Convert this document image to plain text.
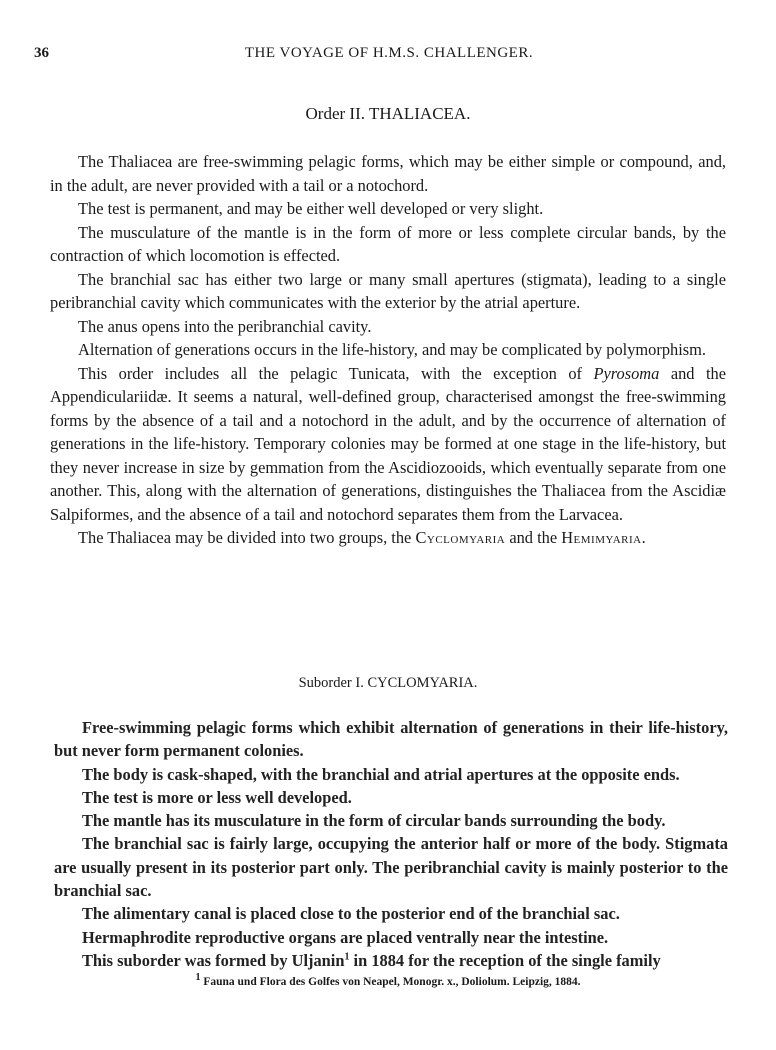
36	THE VOYAGE OF H.M.S. CHALLENGER.
Order II. THALIACEA.

The Thaliacea are free-swimming pelagic forms, which may be either simple or compound, and, in the adult, are never provided with a tail or a notochord.

The test is permanent, and may be either well developed or very slight.

The musculature of the mantle is in the form of more or less complete circular bands, by the contraction of which locomotion is effected.

The branchial sac has either two large or many small apertures (stigmata), leading to a single peribranchial cavity which communicates with the exterior by the atrial aperture.

The anus opens into the peribranchial cavity.

Alternation of generations occurs in the life-history, and may be complicated by polymorphism.

This order includes all the pelagic Tunicata, with the exception of Pyrosoma and the Appendiculariidæ. It seems a natural, well-defined group, characterised amongst the free-swimming forms by the absence of a tail and a notochord in the adult, and by the occurrence of alternation of generations in the life-history. Temporary colonies may be formed at one stage in the life-history, but they never increase in size by gemmation from the Ascidiozooids, which eventually separate from one another. This, along with the alternation of generations, distinguishes the Thaliacea from the Ascidiæ Salpiformes, and the absence of a tail and notochord separates them from the Larvacea.

The Thaliacea may be divided into two groups, the Cyclomyaria and the Hemimyaria.

Suborder I. CYCLOMYARIA.

Free-swimming pelagic forms which exhibit alternation of generations in their life-history, but never form permanent colonies.

The body is cask-shaped, with the branchial and atrial apertures at the opposite ends.

The test is more or less well developed.

The mantle has its musculature in the form of circular bands surrounding the body.

The branchial sac is fairly large, occupying the anterior half or more of the body. Stigmata are usually present in its posterior part only. The peribranchial cavity is mainly posterior to the branchial sac.

The alimentary canal is placed close to the posterior end of the branchial sac.

Hermaphrodite reproductive organs are placed ventrally near the intestine.

This suborder was formed by Uljanin$^1$ in 1884 for the reception of the single family

$^1$ Fauna und Flora des Golfes von Neapel, Monogr. x., Doliolum. Leipzig, 1884.
